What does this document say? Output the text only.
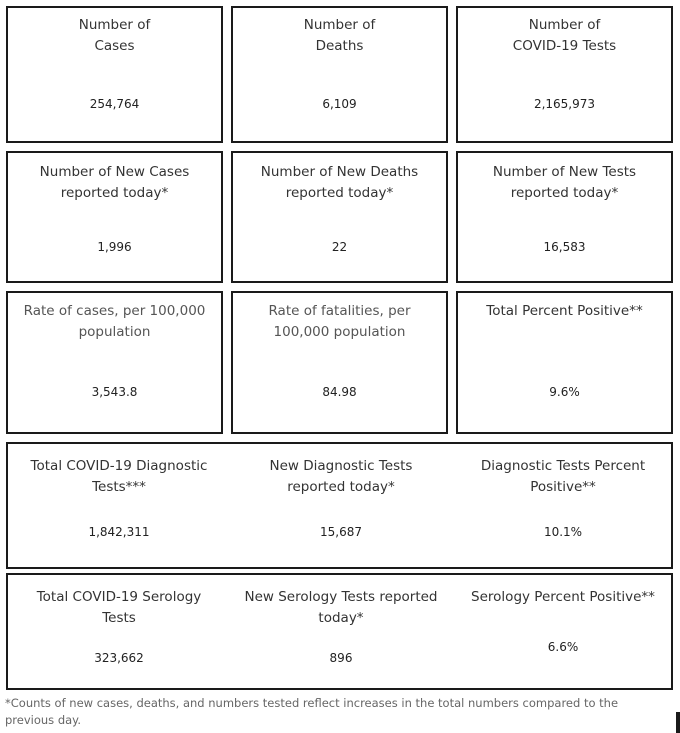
Number of
Cases
254,764
Number of
Deaths
6,109
Number of
COVID-19 Tests
2,165,973
Number of New Cases
reported today*
1,996
Number of New Deaths
reported today*
22
Number of New Tests
reported today*
16,583
Rate of cases, per 100,000
population
3,543.8
Rate of fatalities, per
100,000 population
84.98
Total Percent Positive**
9.6%
Total COVID-19 Diagnostic
Tests***
1,842,311
New Diagnostic Tests
reported today*
15,687
Diagnostic Tests Percent
Positive**
10.1%
Total COVID-19 Serology
Tests
323,662
New Serology Tests reported
today*
896
Serology Percent Positive**
6.6%
*Counts of new cases, deaths, and numbers tested reflect increases in the total numbers compared to the
previous day.
